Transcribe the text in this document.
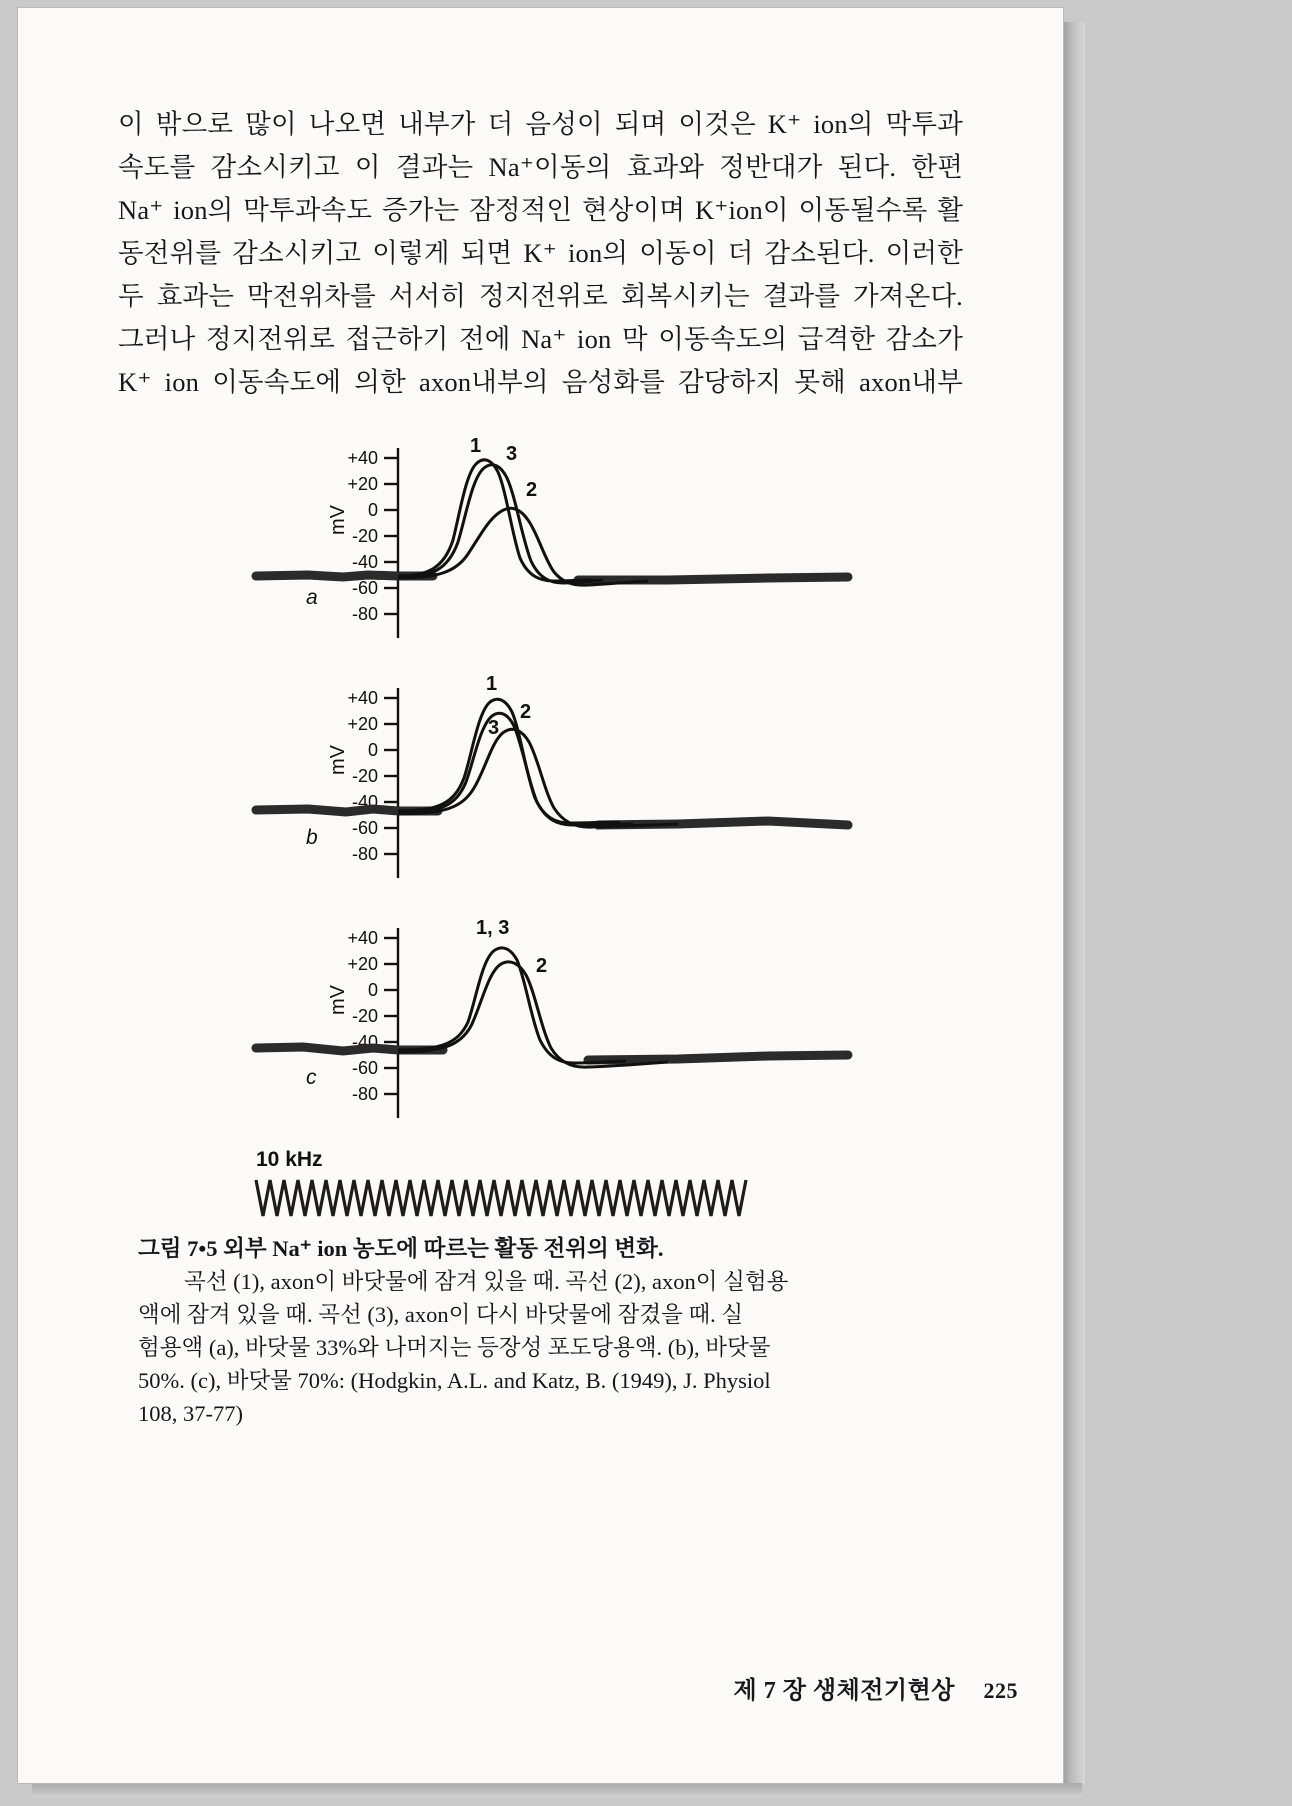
이 밖으로 많이 나오면 내부가 더 음성이 되며 이것은 K⁺ ion의 막투과

속도를 감소시키고 이 결과는 Na⁺이동의 효과와 정반대가 된다. 한편

Na⁺ ion의 막투과속도 증가는 잠정적인 현상이며 K⁺ion이 이동될수록 활

동전위를 감소시키고 이렇게 되면 K⁺ ion의 이동이 더 감소된다. 이러한

두 효과는 막전위차를 서서히 정지전위로 회복시키는 결과를 가져온다.

그러나 정지전위로 접근하기 전에 Na⁺ ion 막 이동속도의 급격한 감소가

K⁺ ion 이동속도에 의한 axon내부의 음성화를 감당하지 못해 axon내부

+40
+20
0
-20
-40
-60
-80
mV
1 3
2
a
+40
+20
0
-20
-40
-60
-80
mV
1
3
2
b
+40
+20
0
-20
-40
-60
-80
mV
1, 3
2
c
10 kHz
그림 7•5 외부 Na⁺ ion 농도에 따르는 활동 전위의 변화.
곡선 (1), axon이 바닷물에 잠겨 있을 때. 곡선 (2), axon이 실험용
액에 잠겨 있을 때. 곡선 (3), axon이 다시 바닷물에 잠겼을 때. 실
험용액 (a), 바닷물 33%와 나머지는 등장성 포도당용액. (b), 바닷물
50%. (c), 바닷물 70%: (Hodgkin, A.L. and Katz, B. (1949), J. Physiol
108, 37-77)
제 7 장 생체전기현상 225
